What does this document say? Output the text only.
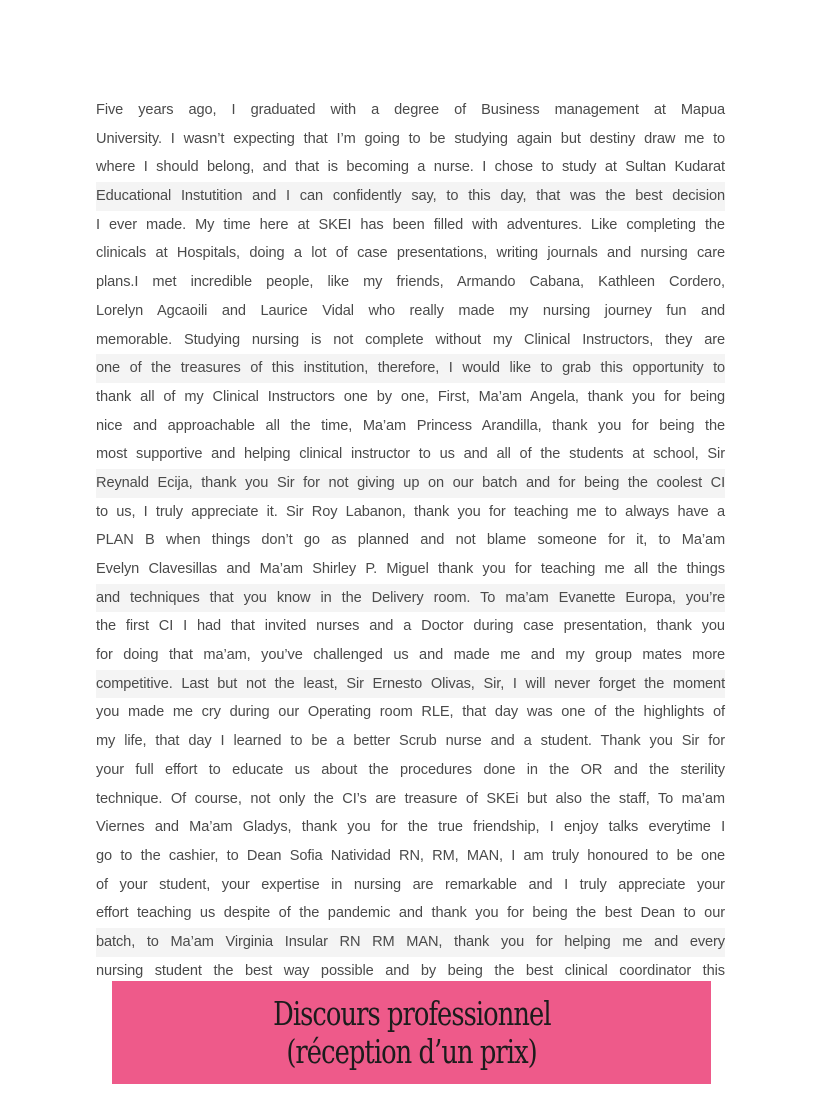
Five years ago, I graduated with a degree of Business management at Mapua
University. I wasn’t expecting that I’m going to be studying again but destiny draw me to
where I should belong, and that is becoming a nurse. I chose to study at Sultan Kudarat
Educational Instutition and I can confidently say, to this day, that was the best decision
I ever made. My time here at SKEI has been filled with adventures. Like completing the
clinicals at Hospitals, doing a lot of case presentations, writing journals and nursing care
plans.I met incredible people, like my friends, Armando Cabana, Kathleen Cordero,
Lorelyn Agcaoili and Laurice Vidal who really made my nursing journey fun and
memorable. Studying nursing is not complete without my Clinical Instructors, they are
one of the treasures of this institution, therefore, I would like to grab this opportunity to
thank all of my Clinical Instructors one by one, First, Ma’am Angela, thank you for being
nice and approachable all the time, Ma’am Princess Arandilla, thank you for being the
most supportive and helping clinical instructor to us and all of the students at school, Sir
Reynald Ecija, thank you Sir for not giving up on our batch and for being the coolest CI
to us, I truly appreciate it. Sir Roy Labanon, thank you for teaching me to always have a
PLAN B when things don’t go as planned and not blame someone for it, to Ma’am
Evelyn Clavesillas and Ma’am Shirley P. Miguel thank you for teaching me all the things
and techniques that you know in the Delivery room. To ma’am Evanette Europa, you’re
the first CI I had that invited nurses and a Doctor during case presentation, thank you
for doing that ma’am, you’ve challenged us and made me and my group mates more
competitive. Last but not the least, Sir Ernesto Olivas, Sir, I will never forget the moment
you made me cry during our Operating room RLE, that day was one of the highlights of
my life, that day I learned to be a better Scrub nurse and a student. Thank you Sir for
your full effort to educate us about the procedures done in the OR and the sterility
technique. Of course, not only the CI’s are treasure of SKEi but also the staff, To ma’am
Viernes and Ma’am Gladys, thank you for the true friendship, I enjoy talks everytime I
go to the cashier, to Dean Sofia Natividad RN, RM, MAN, I am truly honoured to be one
of your student, your expertise in nursing are remarkable and I truly appreciate your
effort teaching us despite of the pandemic and thank you for being the best Dean to our
batch, to Ma’am Virginia Insular RN RM MAN, thank you for helping me and every
nursing student the best way possible and by being the best clinical coordinator this
Discours professionnel
(réception d’un prix)
